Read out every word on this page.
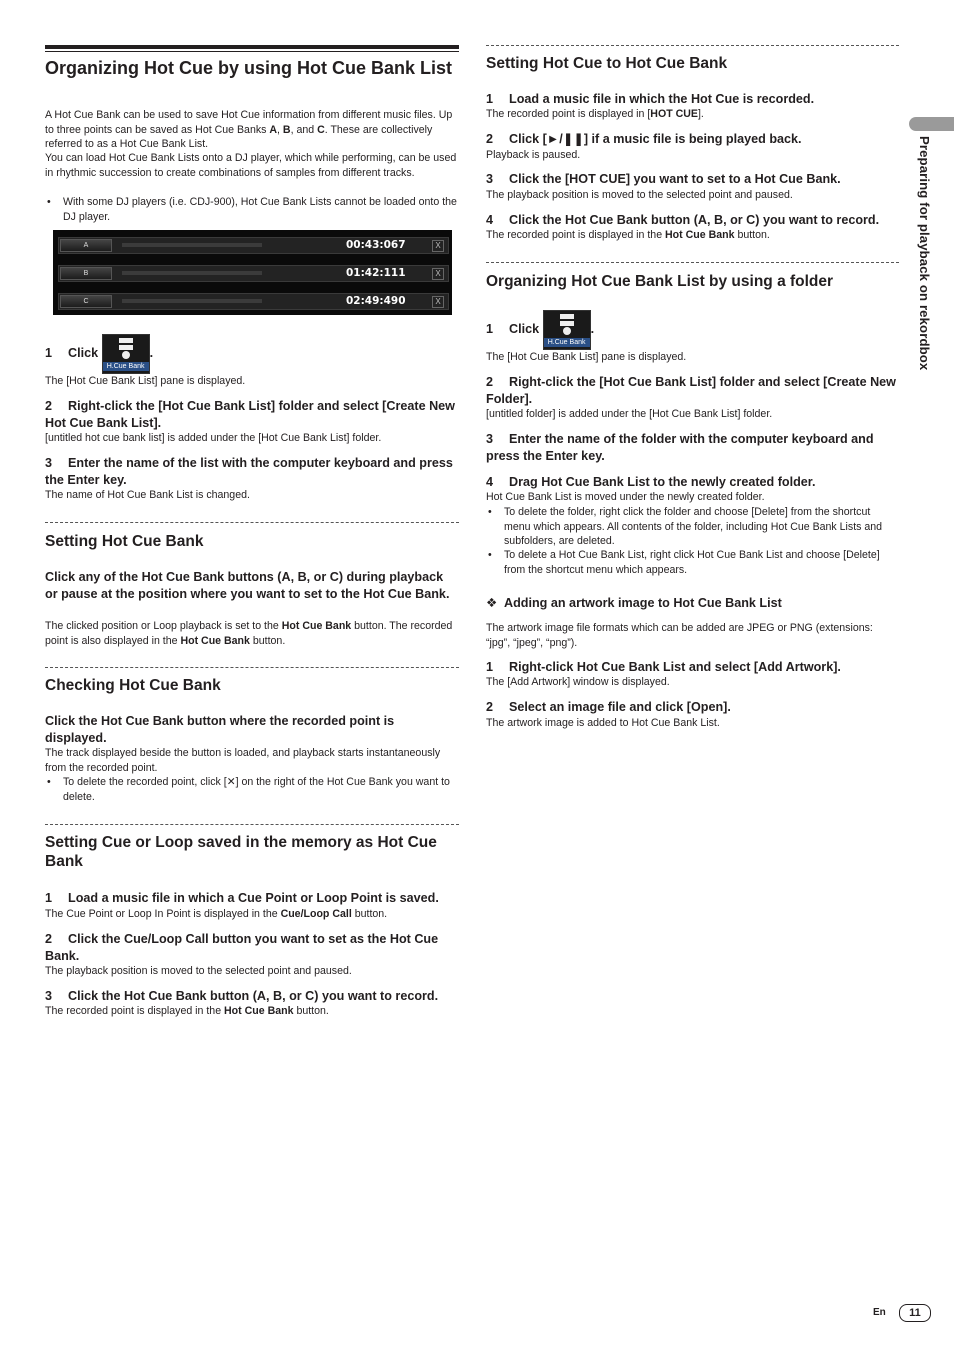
Organizing Hot Cue by using Hot Cue Bank List
A Hot Cue Bank can be used to save Hot Cue information from different music files. Up to three points can be saved as Hot Cue Banks A, B, and C. These are collectively referred to as a Hot Cue Bank List.
You can load Hot Cue Bank Lists onto a DJ player, which while performing, can be used in rhythmic succession to create combinations of samples from different tracks.
• With some DJ players (i.e. CDJ-900), Hot Cue Bank Lists cannot be loaded onto the DJ player.
A	00:43:067	X
B	01:42:111	X
C	02:49:490	X
1 Click
H.Cue Bank
.
The [Hot Cue Bank List] pane is displayed.
2 Right-click the [Hot Cue Bank List] folder and select [Create New Hot Cue Bank List].
[untitled hot cue bank list] is added under the [Hot Cue Bank List] folder.
3 Enter the name of the list with the computer keyboard and press the Enter key.
The name of Hot Cue Bank List is changed.
Setting Hot Cue Bank
Click any of the Hot Cue Bank buttons (A, B, or C) during playback or pause at the position where you want to set to the Hot Cue Bank.
The clicked position or Loop playback is set to the Hot Cue Bank button. The recorded point is also displayed in the Hot Cue Bank button.
Checking Hot Cue Bank
Click the Hot Cue Bank button where the recorded point is displayed.
The track displayed beside the button is loaded, and playback starts instantaneously from the recorded point.
• To delete the recorded point, click [✕] on the right of the Hot Cue Bank you want to delete.
Setting Cue or Loop saved in the memory as Hot Cue Bank
1 Load a music file in which a Cue Point or Loop Point is saved.
The Cue Point or Loop In Point is displayed in the Cue/Loop Call button.
2 Click the Cue/Loop Call button you want to set as the Hot Cue Bank.
The playback position is moved to the selected point and paused.
3 Click the Hot Cue Bank button (A, B, or C) you want to record.
The recorded point is displayed in the Hot Cue Bank button.
Setting Hot Cue to Hot Cue Bank
1 Load a music file in which the Hot Cue is recorded.
The recorded point is displayed in [HOT CUE].
2 Click [►/❚❚] if a music file is being played back.
Playback is paused.
3 Click the [HOT CUE] you want to set to a Hot Cue Bank.
The playback position is moved to the selected point and paused.
4 Click the Hot Cue Bank button (A, B, or C) you want to record.
The recorded point is displayed in the Hot Cue Bank button.
Organizing Hot Cue Bank List by using a folder
1 Click
H.Cue Bank
.
The [Hot Cue Bank List] pane is displayed.
2 Right-click the [Hot Cue Bank List] folder and select [Create New Folder].
[untitled folder] is added under the [Hot Cue Bank List] folder.
3 Enter the name of the folder with the computer keyboard and press the Enter key.
4 Drag Hot Cue Bank List to the newly created folder.
Hot Cue Bank List is moved under the newly created folder.
• To delete the folder, right click the folder and choose [Delete] from the shortcut menu which appears. All contents of the folder, including Hot Cue Bank Lists and subfolders, are deleted.
• To delete a Hot Cue Bank List, right click Hot Cue Bank List and choose [Delete] from the shortcut menu which appears.
❖ Adding an artwork image to Hot Cue Bank List
The artwork image file formats which can be added are JPEG or PNG (extensions: “jpg”, “jpeg”, “png”).
1 Right-click Hot Cue Bank List and select [Add Artwork].
The [Add Artwork] window is displayed.
2 Select an image file and click [Open].
The artwork image is added to Hot Cue Bank List.
Preparing for playback on rekordbox
En	11
